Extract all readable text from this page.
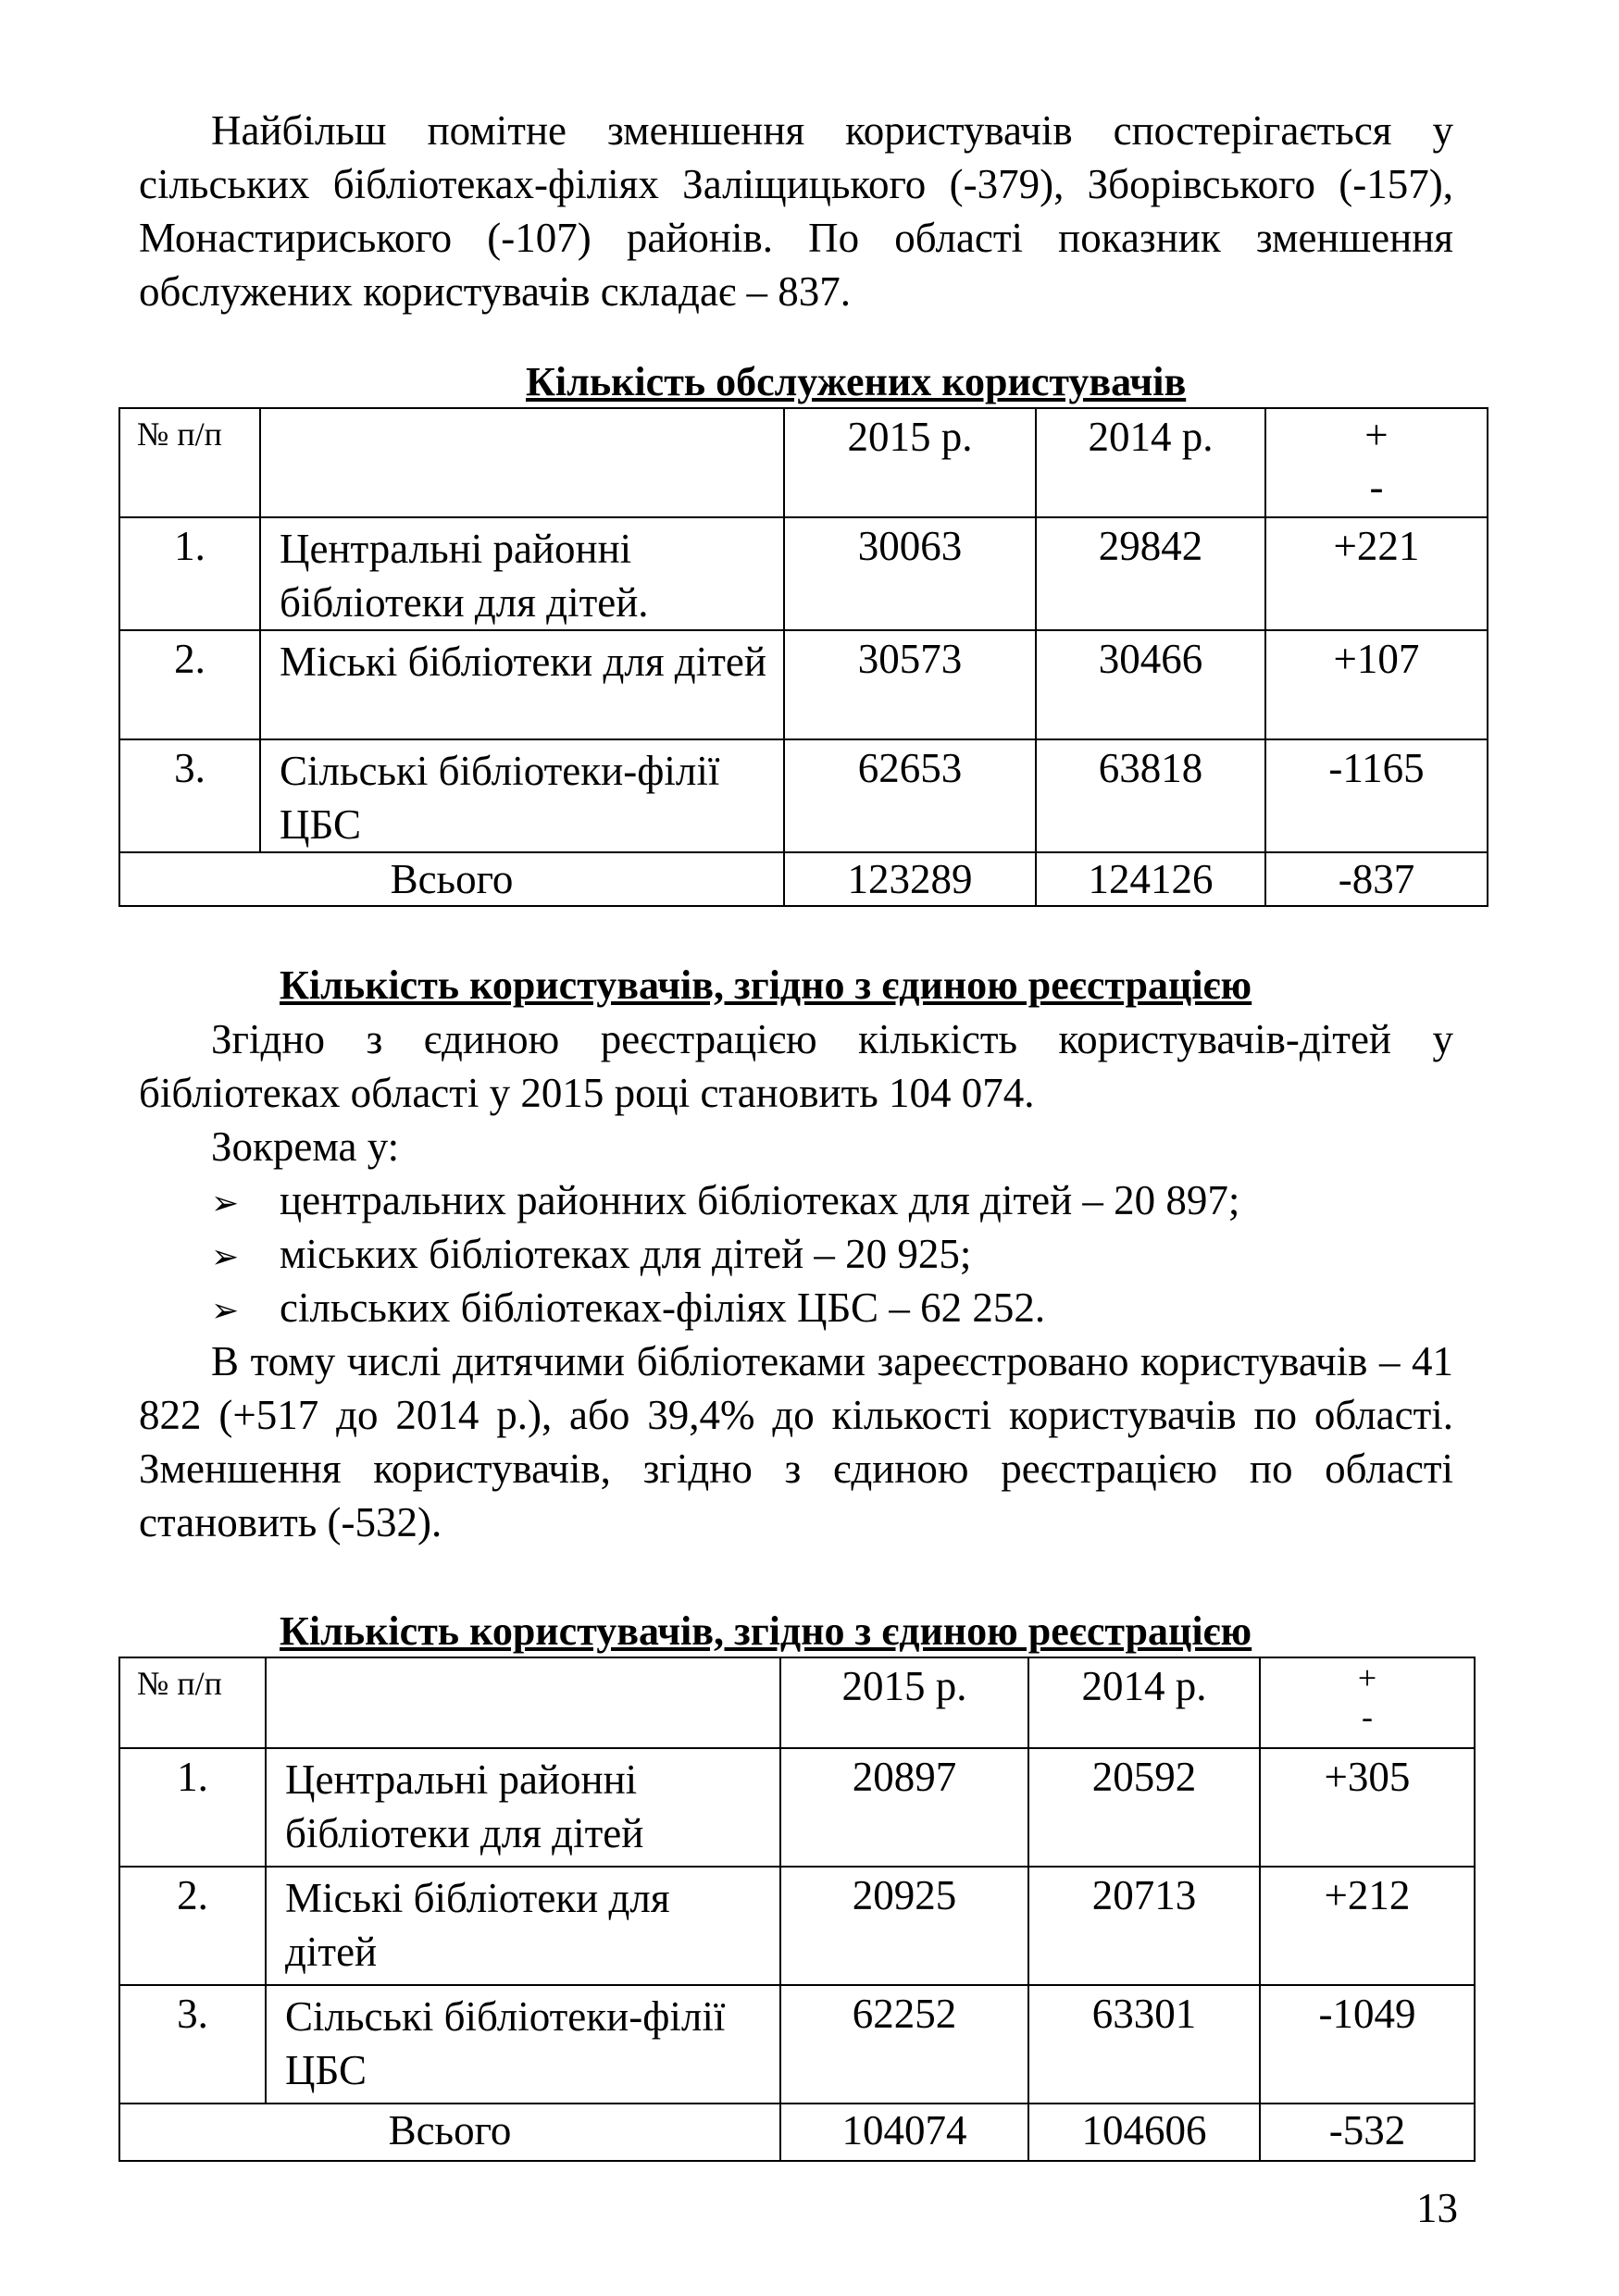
Найбільш помітне зменшення користувачів спостерігається у сільських бібліотеках-філіях Заліщицького (-379), Зборівського (-157), Монастириського (-107) районів. По області показник зменшення обслужених користувачів складає – 837.

Кількість обслужених користувачів
№ п/п		2015 р.	2014 р.	+
-

1.	Центральні районні бібліотеки для дітей.	30063	29842	+221
2.	Міські бібліотеки для дітей	30573	30466	+107
3.	Сільські бібліотеки-філії ЦБС	62653	63818	-1165
Всього		123289	124126	-837
Кількість користувачів, згідно з єдиною реєстрацією

Згідно з єдиною реєстрацією кількість користувачів-дітей у бібліотеках області у 2015 році становить 104 074.

Зокрема у:
➢ центральних районних бібліотеках для дітей – 20 897;
➢ міських бібліотеках для дітей – 20 925;
➢ сільських бібліотеках-філіях ЦБС – 62 252.

В тому числі дитячими бібліотеками зареєстровано користувачів – 41 822 (+517 до 2014 р.), або 39,4% до кількості користувачів по області. Зменшення користувачів, згідно з єдиною реєстрацією по області становить (-532).

Кількість користувачів, згідно з єдиною реєстрацією
№ п/п		2015 р.	2014 р.	+
-

1.	Центральні районні бібліотеки для дітей	20897	20592	+305
2.	Міські бібліотеки для дітей	20925	20713	+212
3.	Сільські бібліотеки-філії ЦБС	62252	63301	-1049
Всього		104074	104606	-532
13
